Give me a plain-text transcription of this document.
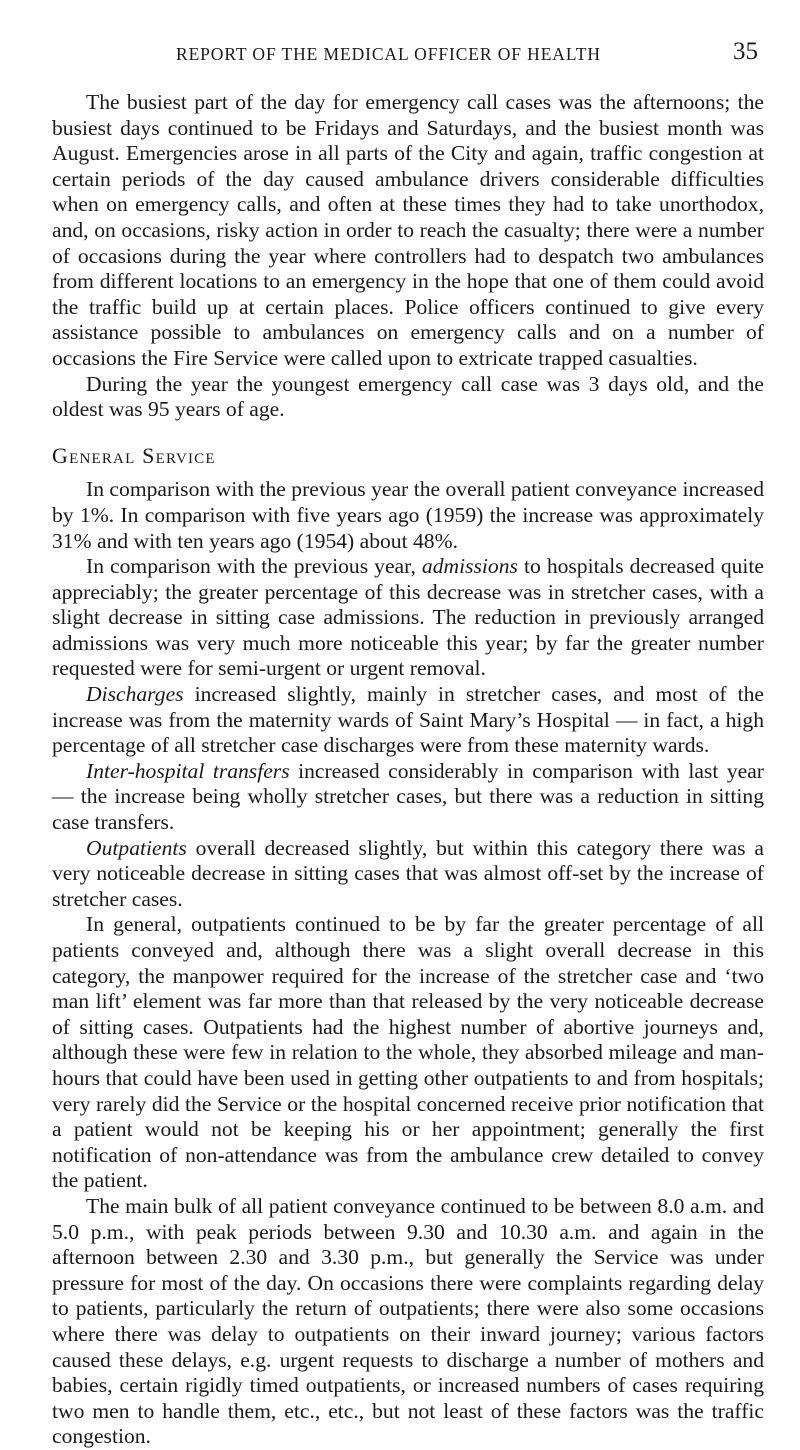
REPORT OF THE MEDICAL OFFICER OF HEALTH	35

The busiest part of the day for emergency call cases was the afternoons; the busiest days continued to be Fridays and Saturdays, and the busiest month was August. Emergencies arose in all parts of the City and again, traffic congestion at certain periods of the day caused ambulance drivers considerable difficulties when on emergency calls, and often at these times they had to take unorthodox, and, on occasions, risky action in order to reach the casualty; there were a number of occasions during the year where controllers had to despatch two ambulances from different locations to an emergency in the hope that one of them could avoid the traffic build up at certain places. Police officers continued to give every assistance possible to ambulances on emergency calls and on a number of occasions the Fire Service were called upon to extricate trapped casualties.

During the year the youngest emergency call case was 3 days old, and the oldest was 95 years of age.

General Service

In comparison with the previous year the overall patient conveyance increased by 1%. In comparison with five years ago (1959) the increase was approximately 31% and with ten years ago (1954) about 48%.

In comparison with the previous year, admissions to hospitals decreased quite appreciably; the greater percentage of this decrease was in stretcher cases, with a slight decrease in sitting case admissions. The reduction in previously arranged admissions was very much more noticeable this year; by far the greater number requested were for semi-urgent or urgent removal.

Discharges increased slightly, mainly in stretcher cases, and most of the increase was from the maternity wards of Saint Mary’s Hospital — in fact, a high percentage of all stretcher case discharges were from these maternity wards.

Inter-hospital transfers increased considerably in comparison with last year — the increase being wholly stretcher cases, but there was a reduction in sitting case transfers.

Outpatients overall decreased slightly, but within this category there was a very noticeable decrease in sitting cases that was almost off-set by the increase of stretcher cases.

In general, outpatients continued to be by far the greater percentage of all patients conveyed and, although there was a slight overall decrease in this category, the manpower required for the increase of the stretcher case and ‘two man lift’ element was far more than that released by the very noticeable decrease of sitting cases. Outpatients had the highest number of abortive journeys and, although these were few in relation to the whole, they absorbed mileage and man-hours that could have been used in getting other outpatients to and from hospitals; very rarely did the Service or the hospital concerned receive prior notification that a patient would not be keeping his or her appointment; generally the first notification of non-attendance was from the ambulance crew detailed to convey the patient.

The main bulk of all patient conveyance continued to be between 8.0 a.m. and 5.0 p.m., with peak periods between 9.30 and 10.30 a.m. and again in the afternoon between 2.30 and 3.30 p.m., but generally the Service was under pressure for most of the day. On occasions there were complaints regarding delay to patients, particularly the return of outpatients; there were also some occasions where there was delay to outpatients on their inward journey; various factors caused these delays, e.g. urgent requests to discharge a number of mothers and babies, certain rigidly timed outpatients, or increased numbers of cases requiring two men to handle them, etc., etc., but not least of these factors was the traffic congestion.
